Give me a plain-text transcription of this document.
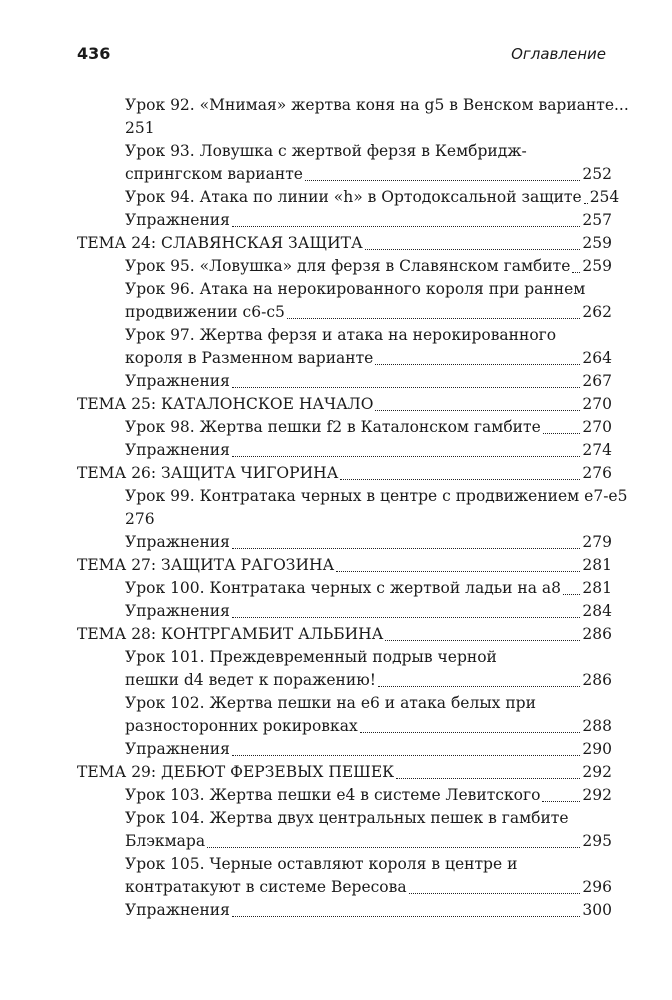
436	Оглавление
Урок 92. «Мнимая» жертва коня на g5 в Венском варианте...
251
Урок 93. Ловушка с жертвой ферзя в Кембридж-
спрингском варианте	252
Урок 94. Атака по линии «h» в Ортодоксальной защите 254
Упражнения	257
ТЕМА 24: СЛАВЯНСКАЯ ЗАЩИТА	259
Урок 95. «Ловушка» для ферзя в Славянском гамбите 259
Урок 96. Атака на нерокированного короля при раннем
продвижении с6-с5	262
Урок 97. Жертва ферзя и атака на нерокированного
короля в Разменном варианте	264
Упражнения	267
ТЕМА 25: КАТАЛОНСКОЕ НАЧАЛО	270
Урок 98. Жертва пешки f2 в Каталонском гамбите	270
Упражнения	274
ТЕМА 26: ЗАЩИТА ЧИГОРИНА	276
Урок 99. Контратака черных в центре с продвижением е7-е5
276
Упражнения	279
ТЕМА 27: ЗАЩИТА РАГОЗИНА	281
Урок 100. Контратака черных с жертвой ладьи на а8 281
Упражнения	284
ТЕМА 28: КОНТРГАМБИТ АЛЬБИНА	286
Урок 101. Преждевременный подрыв черной
пешки d4 ведет к поражению!	286
Урок 102. Жертва пешки на е6 и атака белых при
разносторонних рокировках	288
Упражнения	290
ТЕМА 29: ДЕБЮТ ФЕРЗЕВЫХ ПЕШЕК	292
Урок 103. Жертва пешки е4 в системе Левитского	292
Урок 104. Жертва двух центральных пешек в гамбите
Блэкмара	295
Урок 105. Черные оставляют короля в центре и
контратакуют в системе Вересова	296
Упражнения	300
